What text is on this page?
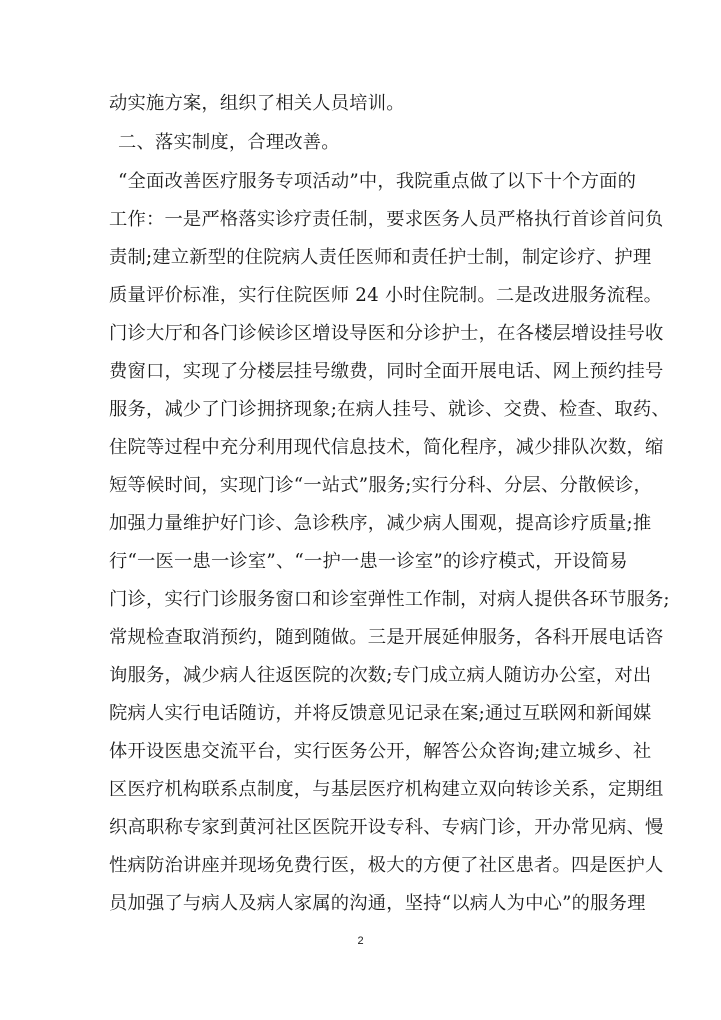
动实施方案，组织了相关人员培训。
二、落实制度，合理改善。
“全面改善医疗服务专项活动”中，我院重点做了以下十个方面的
工作：一是严格落实诊疗责任制，要求医务人员严格执行首诊首问负
责制;建立新型的住院病人责任医师和责任护士制，制定诊疗、护理
质量评价标准，实行住院医师 24 小时住院制。二是改进服务流程。
门诊大厅和各门诊候诊区增设导医和分诊护士，在各楼层增设挂号收
费窗口，实现了分楼层挂号缴费，同时全面开展电话、网上预约挂号
服务，减少了门诊拥挤现象;在病人挂号、就诊、交费、检查、取药、
住院等过程中充分利用现代信息技术，简化程序，减少排队次数，缩
短等候时间，实现门诊“一站式”服务;实行分科、分层、分散候诊，
加强力量维护好门诊、急诊秩序，减少病人围观，提高诊疗质量;推
行“一医一患一诊室”、“一护一患一诊室”的诊疗模式，开设简易
门诊，实行门诊服务窗口和诊室弹性工作制，对病人提供各环节服务;
常规检查取消预约，随到随做。三是开展延伸服务，各科开展电话咨
询服务，减少病人往返医院的次数;专门成立病人随访办公室，对出
院病人实行电话随访，并将反馈意见记录在案;通过互联网和新闻媒
体开设医患交流平台，实行医务公开，解答公众咨询;建立城乡、社
区医疗机构联系点制度，与基层医疗机构建立双向转诊关系，定期组
织高职称专家到黄河社区医院开设专科、专病门诊，开办常见病、慢
性病防治讲座并现场免费行医，极大的方便了社区患者。四是医护人
员加强了与病人及病人家属的沟通，坚持“以病人为中心”的服务理
2
